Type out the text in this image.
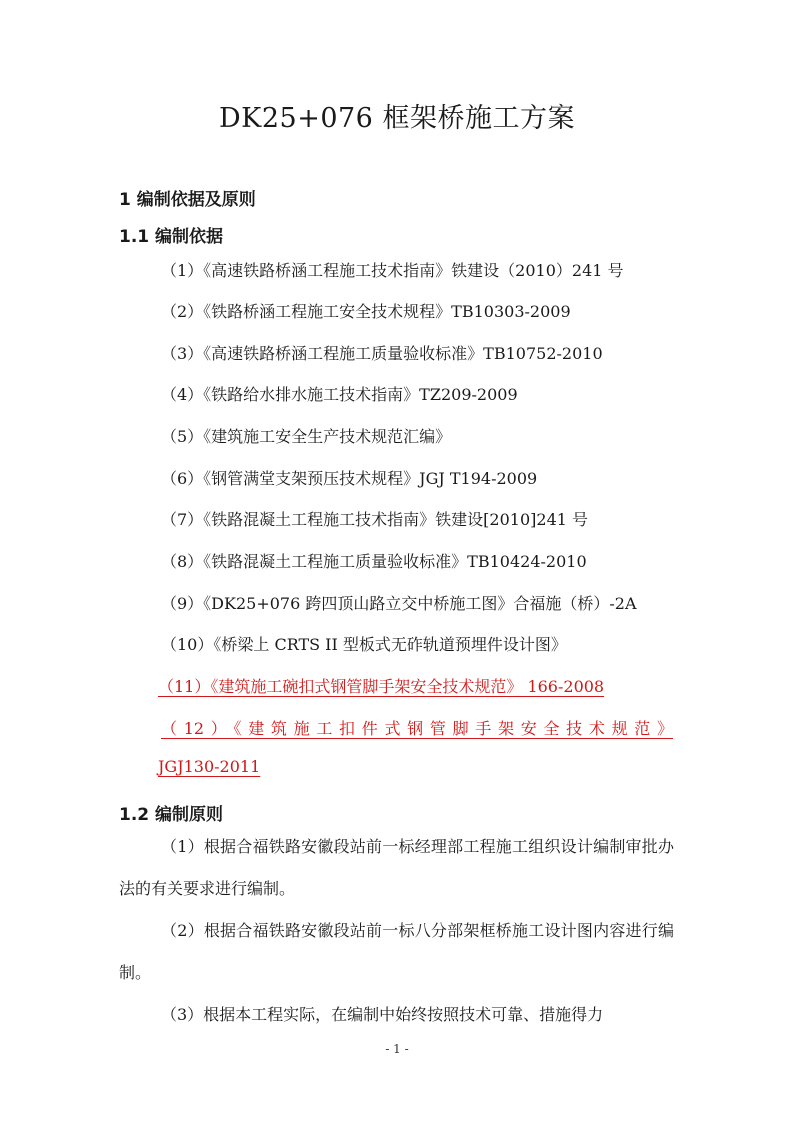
DK25+076 框架桥施工方案
1 编制依据及原则
1.1 编制依据
（1）《高速铁路桥涵工程施工技术指南》铁建设（2010）241 号
（2）《铁路桥涵工程施工安全技术规程》TB10303-2009
（3）《高速铁路桥涵工程施工质量验收标准》TB10752-2010
（4）《铁路给水排水施工技术指南》TZ209-2009
（5）《建筑施工安全生产技术规范汇编》
（6）《钢管满堂支架预压技术规程》JGJ T194-2009
（7）《铁路混凝土工程施工技术指南》铁建设[2010]241 号
（8）《铁路混凝土工程施工质量验收标准》TB10424-2010
（9）《DK25+076 跨四顶山路立交中桥施工图》合福施（桥）-2A
（10）《桥梁上 CRTS II 型板式无砟轨道预埋件设计图》
（11）《建筑施工碗扣式钢管脚手架安全技术规范》 166-2008
（12）《建筑施工扣件式钢管脚手架安全技术规范》
JGJ130-2011
1.2 编制原则
（1）根据合福铁路安徽段站前一标经理部工程施工组织设计编制审批办法的有关要求进行编制。
（2）根据合福铁路安徽段站前一标八分部架框桥施工设计图内容进行编制。
（3）根据本工程实际，在编制中始终按照技术可靠、措施得力
- 1 -
